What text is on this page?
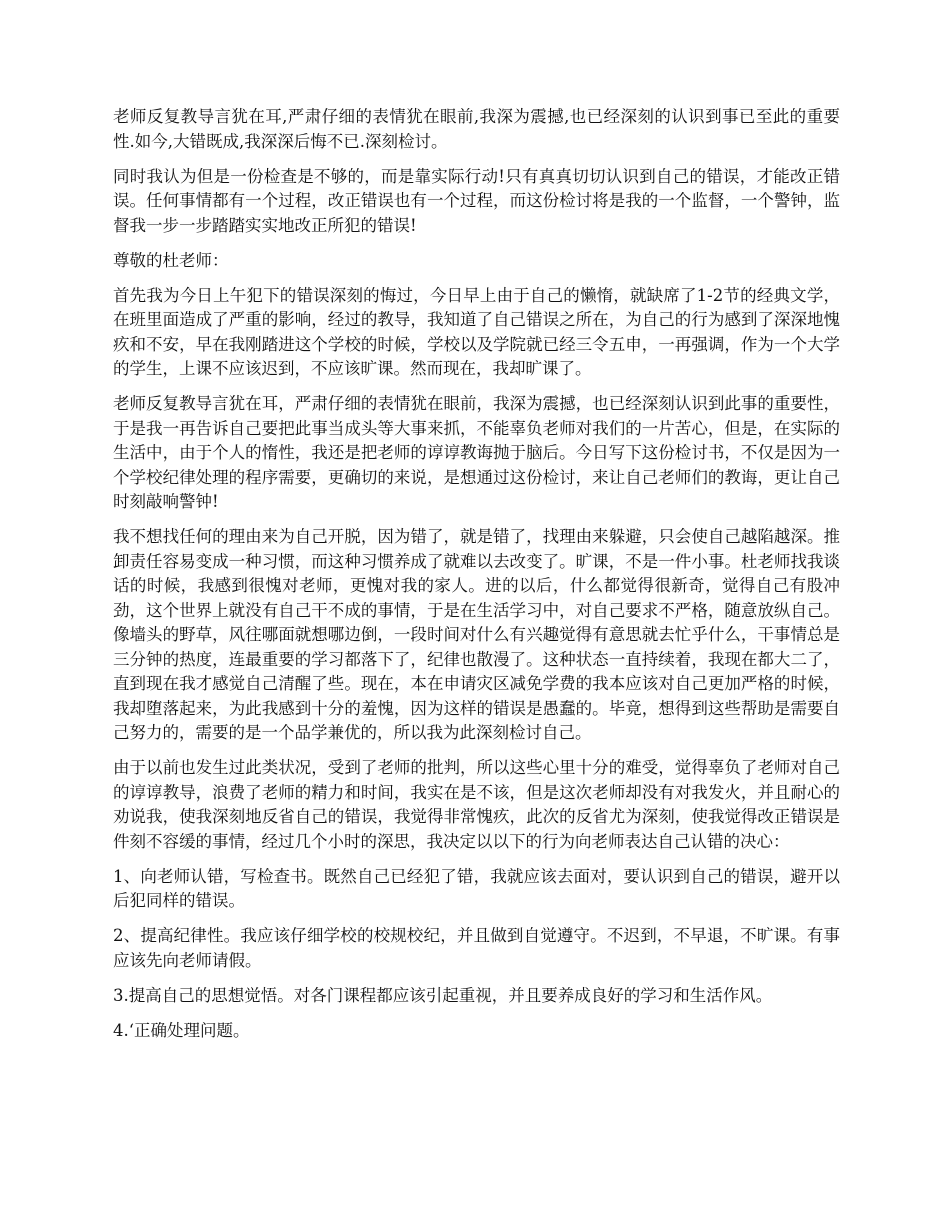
老师反复教导言犹在耳,严肃仔细的表情犹在眼前,我深为震撼,也已经深刻的认识到事已至此的重要性.如今,大错既成,我深深后悔不已.深刻检讨。

同时我认为但是一份检查是不够的，而是靠实际行动!只有真真切切认识到自己的错误，才能改正错误。任何事情都有一个过程，改正错误也有一个过程，而这份检讨将是我的一个监督，一个警钟，监督我一步一步踏踏实实地改正所犯的错误!

尊敬的杜老师：

首先我为今日上午犯下的错误深刻的悔过，今日早上由于自己的懒惰，就缺席了1-2节的经典文学，在班里面造成了严重的影响，经过的教导，我知道了自己错误之所在，为自己的行为感到了深深地愧疚和不安，早在我刚踏进这个学校的时候，学校以及学院就已经三令五申，一再强调，作为一个大学的学生，上课不应该迟到，不应该旷课。然而现在，我却旷课了。

老师反复教导言犹在耳，严肃仔细的表情犹在眼前，我深为震撼，也已经深刻认识到此事的重要性，于是我一再告诉自己要把此事当成头等大事来抓，不能辜负老师对我们的一片苦心，但是，在实际的生活中，由于个人的惰性，我还是把老师的谆谆教诲抛于脑后。今日写下这份检讨书，不仅是因为一个学校纪律处理的程序需要，更确切的来说，是想通过这份检讨，来让自己老师们的教诲，更让自己时刻敲响警钟!

我不想找任何的理由来为自己开脱，因为错了，就是错了，找理由来躲避，只会使自己越陷越深。推卸责任容易变成一种习惯，而这种习惯养成了就难以去改变了。旷课，不是一件小事。杜老师找我谈话的时候，我感到很愧对老师，更愧对我的家人。进的以后，什么都觉得很新奇，觉得自己有股冲劲，这个世界上就没有自己干不成的事情，于是在生活学习中，对自己要求不严格，随意放纵自己。像墙头的野草，风往哪面就想哪边倒，一段时间对什么有兴趣觉得有意思就去忙乎什么，干事情总是三分钟的热度，连最重要的学习都落下了，纪律也散漫了。这种状态一直持续着，我现在都大二了，直到现在我才感觉自己清醒了些。现在，本在申请灾区减免学费的我本应该对自己更加严格的时候，我却堕落起来，为此我感到十分的羞愧，因为这样的错误是愚蠢的。毕竟，想得到这些帮助是需要自己努力的，需要的是一个品学兼优的，所以我为此深刻检讨自己。

由于以前也发生过此类状况，受到了老师的批判，所以这些心里十分的难受，觉得辜负了老师对自己的谆谆教导，浪费了老师的精力和时间，我实在是不该，但是这次老师却没有对我发火，并且耐心的劝说我，使我深刻地反省自己的错误，我觉得非常愧疚，此次的反省尤为深刻，使我觉得改正错误是件刻不容缓的事情，经过几个小时的深思，我决定以以下的行为向老师表达自己认错的决心：

1、向老师认错，写检查书。既然自己已经犯了错，我就应该去面对，要认识到自己的错误，避开以后犯同样的错误。

2、提高纪律性。我应该仔细学校的校规校纪，并且做到自觉遵守。不迟到，不早退，不旷课。有事应该先向老师请假。

3.提高自己的思想觉悟。对各门课程都应该引起重视，并且要养成良好的学习和生活作风。

4.‘正确处理问题。
